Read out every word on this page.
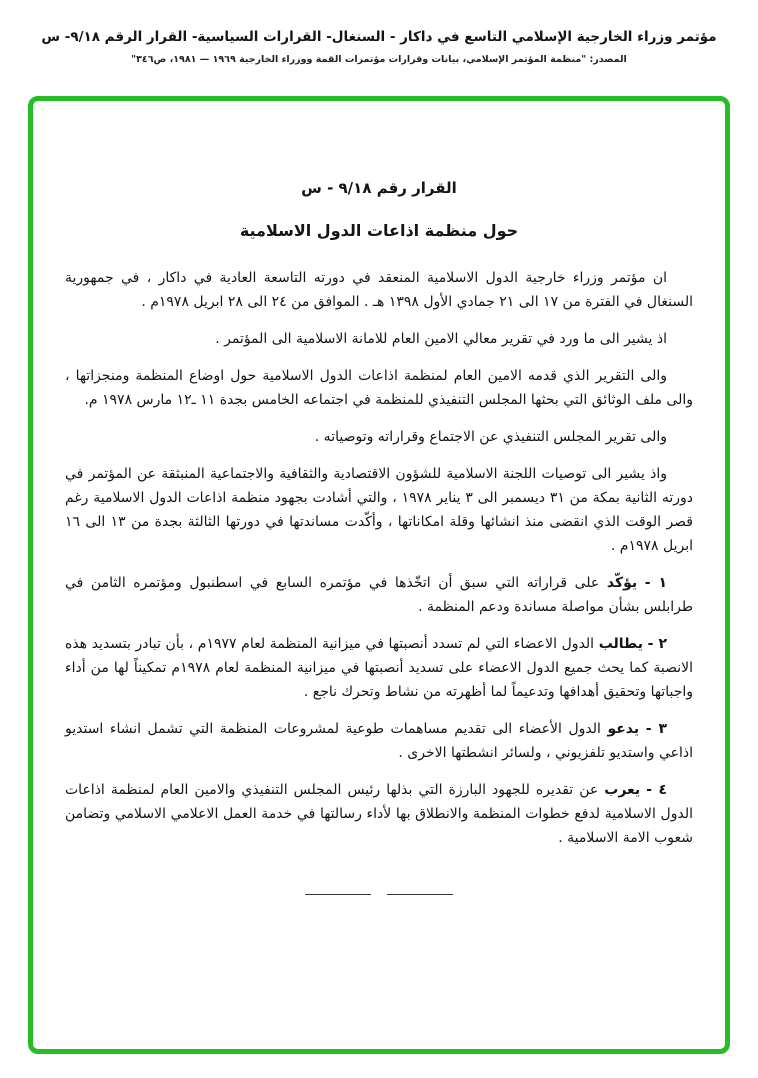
مؤتمر وزراء الخارجية الإسلامي التاسع في داكار - السنغال- القرارات السياسية- القرار الرقم ٩/١٨- س
المصدر: "منظمة المؤتمر الإسلامي، بيانات وقرارات مؤتمرات القمة ووزراء الخارجية ١٩٦٩ — ١٩٨١، ص٣٤٦"

القرار رقم ٩/١٨ - س

حول منظمة اذاعات الدول الاسلامية

ان مؤتمر وزراء خارجية الدول الاسلامية المنعقد في دورته التاسعة العادية في داكار ، في جمهورية السنغال في الفترة من ١٧ الى ٢١ جمادي الأول ١٣٩٨ هـ . الموافق من ٢٤ الى ٢٨ ابريل ١٩٧٨م .

اذ يشير الى ما ورد في تقرير معالي الامين العام للامانة الاسلامية الى المؤتمر .

والى التقرير الذي قدمه الامين العام لمنظمة اذاعات الدول الاسلامية حول اوضاع المنظمة ومنجزاتها ، والى ملف الوثائق التي بحثها المجلس التنفيذي للمنظمة في اجتماعه الخامس بجدة ١١ ـ١٢ مارس ١٩٧٨ م.

والى تقرير المجلس التنفيذي عن الاجتماع وقراراته وتوصياته .

واذ يشير الى توصيات اللجنة الاسلامية للشؤون الاقتصادية والثقافية والاجتماعية المنبثقة عن المؤتمر في دورته الثانية بمكة من ٣١ ديسمبر الى ٣ يناير ١٩٧٨ ، والتي أشادت بجهود منظمة اذاعات الدول الاسلامية رغم قصر الوقت الذي انقضى منذ انشائها وقلة امكاناتها ، وأكّدت مساندتها في دورتها الثالثة بجدة من ١٣ الى ١٦ ابريل ١٩٧٨م .

١ - يؤكّد على قراراته التي سبق أن اتخّذها في مؤتمره السابع في اسطنبول ومؤتمره الثامن في طرابلس بشأن مواصلة مساندة ودعم المنظمة .

٢ - يطالب الدول الاعضاء التي لم تسدد أنصبتها في ميزانية المنظمة لعام ١٩٧٧م ، بأن تبادر بتسديد هذه الانصبة كما يحث جميع الدول الاعضاء على تسديد أنصبتها في ميزانية المنظمة لعام ١٩٧٨م تمكيناً لها من أداء واجباتها وتحقيق أهدافها وتدعيماً لما أظهرته من نشاط وتحرك ناجع .

٣ - يدعو الدول الأعضاء الى تقديم مساهمات طوعية لمشروعات المنظمة التي تشمل انشاء استديو اذاعي واستديو تلفزيوني ، ولسائر انشطتها الاخرى .

٤ - يعرب عن تقديره للجهود البارزة التي بذلها رئيس المجلس التنفيذي والامين العام لمنظمة اذاعات الدول الاسلامية لدفع خطوات المنظمة والانطلاق بها لأداء رسالتها في خدمة العمل الاعلامي الاسلامي وتضامن شعوب الامة الاسلامية .
